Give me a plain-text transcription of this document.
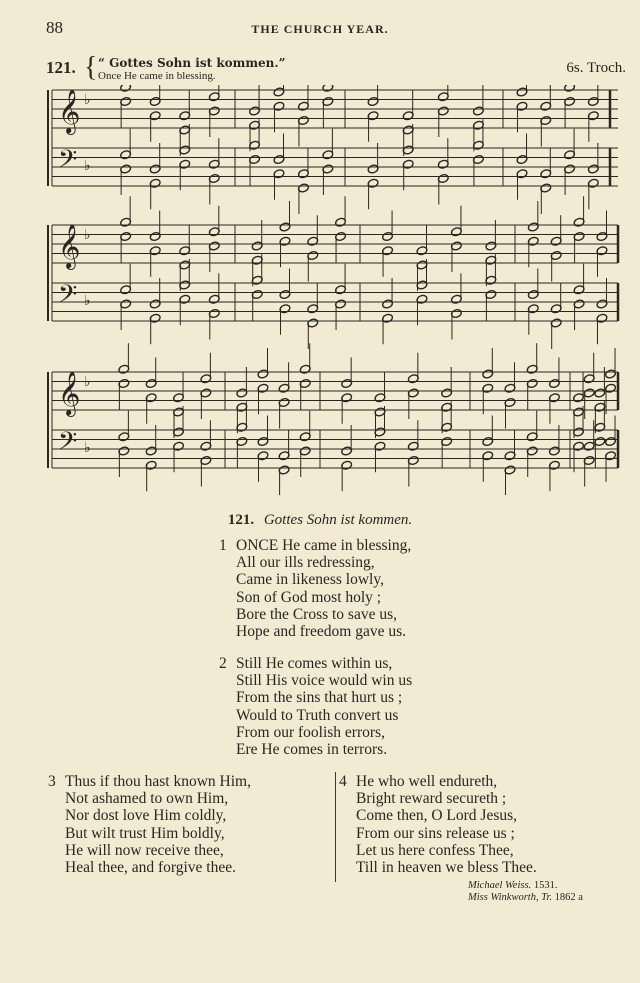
88	THE CHURCH YEAR.
121. { “ Gottes Sohn ist kommen.”
Once He came in blessing.	6s. Troch.
𝄞 ♭
𝄢 ♭
𝄞 ♭
𝄢 ♭
𝄞 ♭
𝄢 ♭
121. Gottes Sohn ist kommen.
1 ONCE He came in blessing,
All our ills redressing,
Came in likeness lowly,
Son of God most holy ;
Bore the Cross to save us,
Hope and freedom gave us.
2 Still He comes within us,
Still His voice would win us
From the sins that hurt us ;
Would to Truth convert us
From our foolish errors,
Ere He comes in terrors.
3 Thus if thou hast known Him,
Not ashamed to own Him,
Nor dost love Him coldly,
But wilt trust Him boldly,
He will now receive thee,
Heal thee, and forgive thee.
4 He who well endureth,
Bright reward secureth ;
Come then, O Lord Jesus,
From our sins release us ;
Let us here confess Thee,
Till in heaven we bless Thee.
Michael Weiss. 1531.
Miss Winkworth, Tr. 1862 a
